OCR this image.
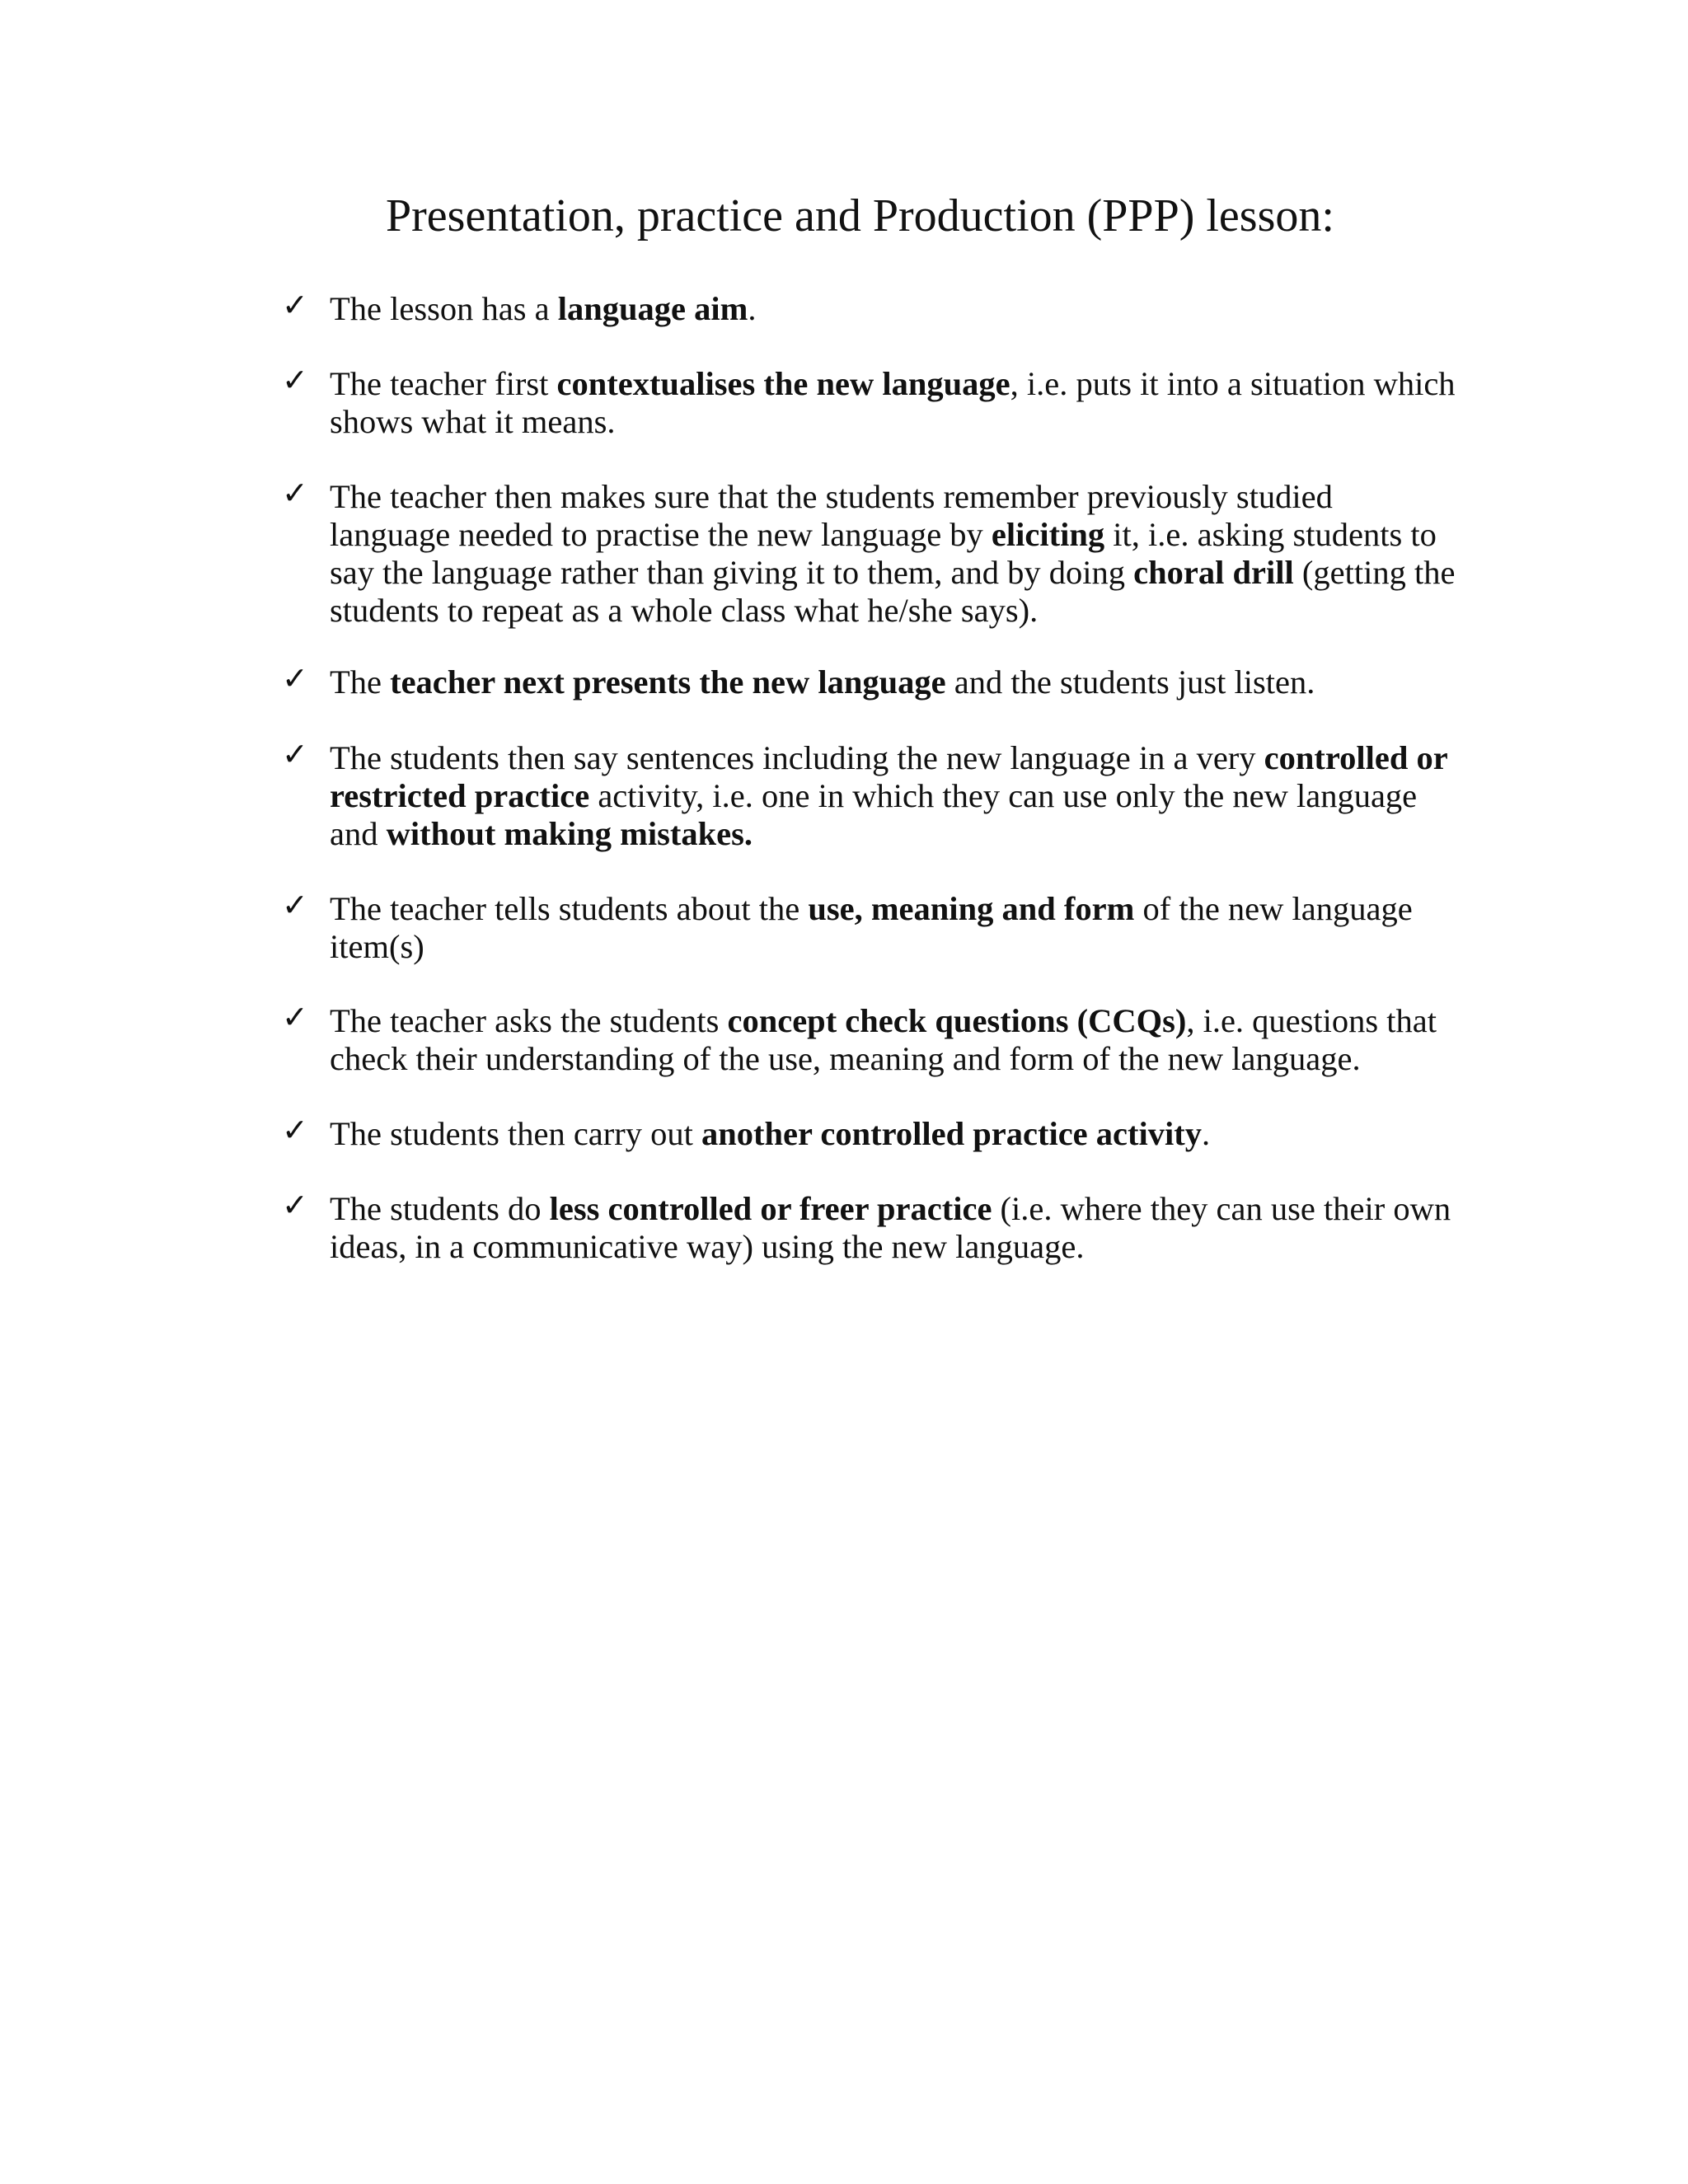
Presentation, practice and Production (PPP) lesson:
✓ The lesson has a language aim.
✓ The teacher first contextualises the new language, i.e. puts it into a situation which
shows what it means.
✓ The teacher then makes sure that the students remember previously studied
language needed to practise the new language by eliciting it, i.e. asking students to
say the language rather than giving it to them, and by doing choral drill (getting the
students to repeat as a whole class what he/she says).
✓ The teacher next presents the new language and the students just listen.
✓ The students then say sentences including the new language in a very controlled or
restricted practice activity, i.e. one in which they can use only the new language
and without making mistakes.
✓ The teacher tells students about the use, meaning and form of the new language
item(s)
✓ The teacher asks the students concept check questions (CCQs), i.e. questions that
check their understanding of the use, meaning and form of the new language.
✓ The students then carry out another controlled practice activity.
✓ The students do less controlled or freer practice (i.e. where they can use their own
ideas, in a communicative way) using the new language.
